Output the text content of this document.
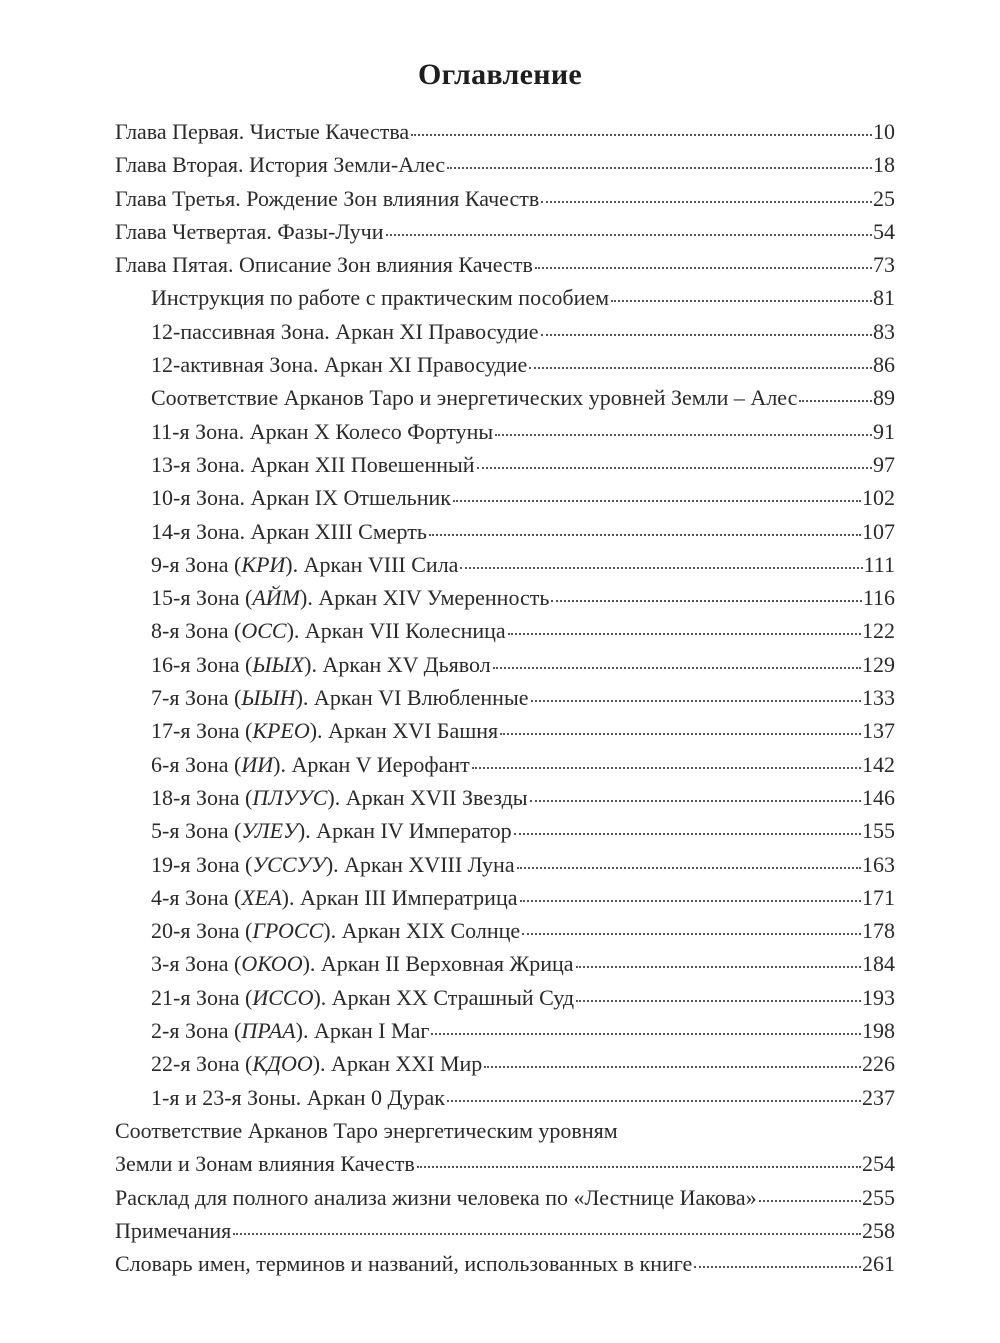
Оглавление
Глава Первая. Чистые Качества	10
Глава Вторая. История Земли-Алес	18
Глава Третья. Рождение Зон влияния Качеств	25
Глава Четвертая. Фазы-Лучи	54
Глава Пятая. Описание Зон влияния Качеств	73
Инструкция по работе с практическим пособием	81
12-пассивная Зона. Аркан XI Правосудие	83
12-активная Зона. Аркан XI Правосудие	86
Соответствие Арканов Таро и энергетических уровней Земли – Алес	89
11-я Зона. Аркан X Колесо Фортуны	91
13-я Зона. Аркан XII Повешенный	97
10-я Зона. Аркан IX Отшельник	102
14-я Зона. Аркан XIII Смерть	107
9-я Зона (КРИ). Аркан VIII Сила	111
15-я Зона (АЙМ). Аркан XIV Умеренность	116
8-я Зона (ОСС). Аркан VII Колесница	122
16-я Зона (ЫЫХ). Аркан XV Дьявол	129
7-я Зона (ЫЫН). Аркан VI Влюбленные	133
17-я Зона (КРЕО). Аркан XVI Башня	137
6-я Зона (ИИ). Аркан V Иерофант	142
18-я Зона (ПЛУУС). Аркан XVII Звезды	146
5-я Зона (УЛЕУ). Аркан IV Император	155
19-я Зона (УССУУ). Аркан XVIII Луна	163
4-я Зона (ХЕА). Аркан III Императрица	171
20-я Зона (ГРОСС). Аркан XIX Солнце	178
3-я Зона (ОКОО). Аркан II Верховная Жрица	184
21-я Зона (ИССО). Аркан XX Страшный Суд	193
2-я Зона (ПРАА). Аркан I Маг	198
22-я Зона (КДОО). Аркан XXI Мир	226
1-я и 23-я Зоны. Аркан 0 Дурак	237
Соответствие Арканов Таро энергетическим уровням
Земли и Зонам влияния Качеств	254
Расклад для полного анализа жизни человека по «Лестнице Иакова»	255
Примечания	258
Словарь имен, терминов и названий, использованных в книге	261
